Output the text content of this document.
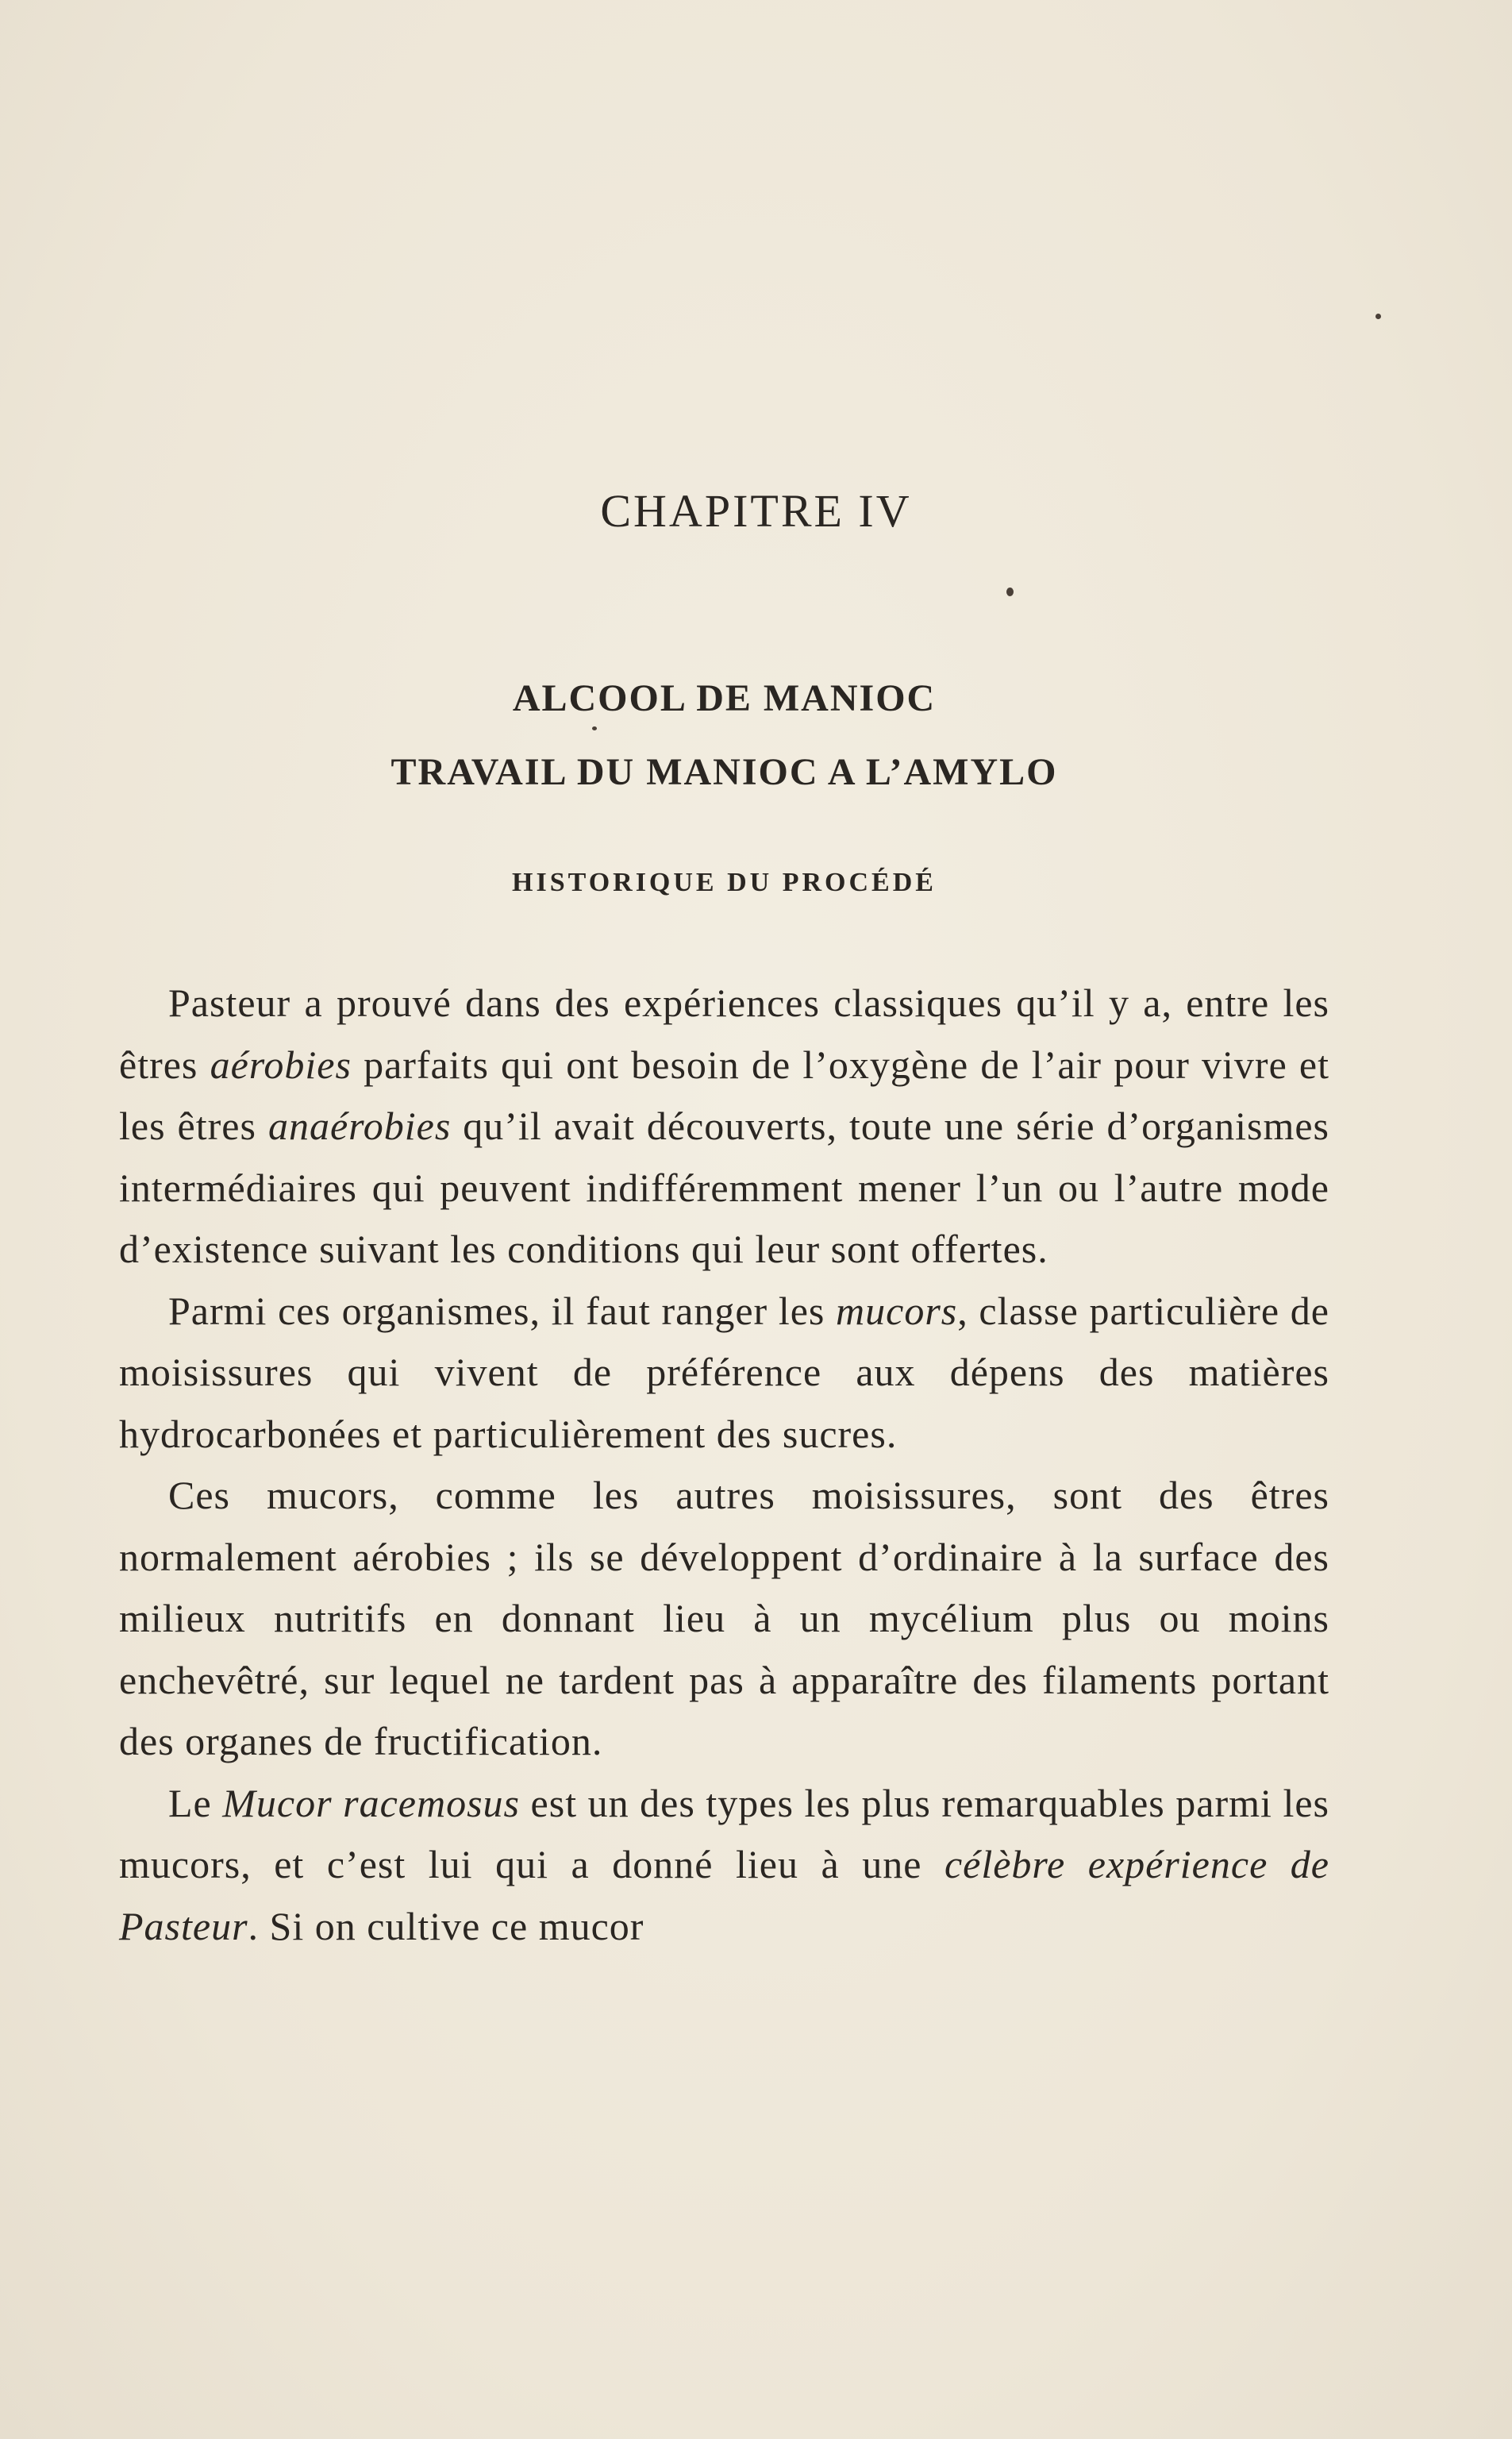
CHAPITRE IV
ALCOOL DE MANIOC
TRAVAIL DU MANIOC A L’AMYLO
HISTORIQUE DU PROCÉDÉ

Pasteur a prouvé dans des expériences classiques qu’il y a, entre les êtres aérobies parfaits qui ont besoin de l’oxygène de l’air pour vivre et les êtres anaérobies qu’il avait découverts, toute une série d’organismes intermédiaires qui peuvent indifféremment mener l’un ou l’autre mode d’existence suivant les conditions qui leur sont offertes.

Parmi ces organismes, il faut ranger les mucors, classe particulière de moisissures qui vivent de préférence aux dépens des matières hydrocarbonées et particulièrement des sucres.

Ces mucors, comme les autres moisissures, sont des êtres normalement aérobies ; ils se développent d’ordinaire à la surface des milieux nutritifs en donnant lieu à un mycélium plus ou moins enchevêtré, sur lequel ne tardent pas à apparaître des filaments portant des organes de fructification.

Le Mucor racemosus est un des types les plus remarquables parmi les mucors, et c’est lui qui a donné lieu à une célèbre expérience de Pasteur. Si on cultive ce mucor
